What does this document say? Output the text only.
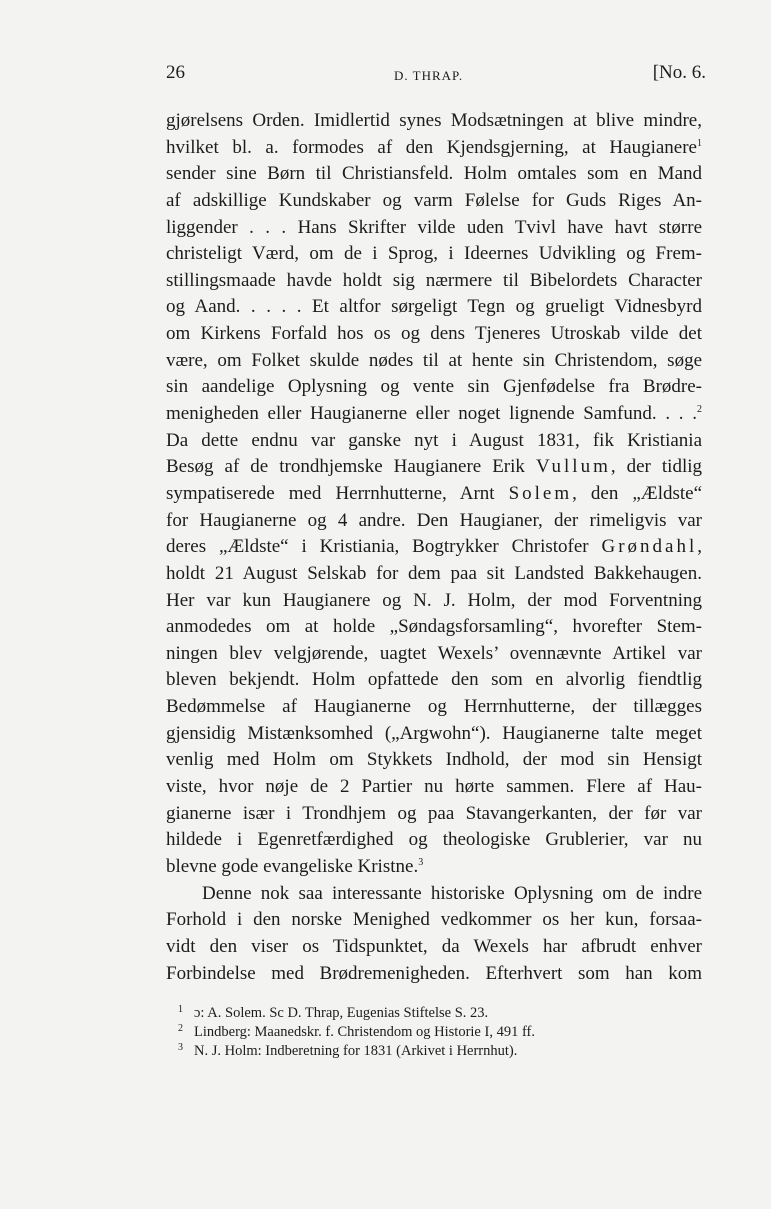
26	D. THRAP.	[No. 6.
gjørelsens Orden. Imidlertid synes Modsætningen at blive mindre,
hvilket bl. a. formodes af den Kjendsgjerning, at Haugianere$^1$
sender sine Børn til Christiansfeld. Holm omtales som en Mand
af adskillige Kundskaber og varm Følelse for Guds Riges An-
liggender . . . Hans Skrifter vilde uden Tvivl have havt større
christeligt Værd, om de i Sprog, i Ideernes Udvikling og Frem-
stillingsmaade havde holdt sig nærmere til Bibelordets Character
og Aand. . . . . Et altfor sørgeligt Tegn og grueligt Vidnesbyrd
om Kirkens Forfald hos os og dens Tjeneres Utroskab vilde det
være, om Folket skulde nødes til at hente sin Christendom, søge
sin aandelige Oplysning og vente sin Gjenfødelse fra Brødre-
menigheden eller Haugianerne eller noget lignende Samfund. . . .$^2$
Da dette endnu var ganske nyt i August 1831, fik Kristiania
Besøg af de trondhjemske Haugianere Erik Vullum, der tidlig
sympatiserede med Herrnhutterne, Arnt Solem, den „Ældste“
for Haugianerne og 4 andre. Den Haugianer, der rimeligvis var
deres „Ældste“ i Kristiania, Bogtrykker Christofer Grøndahl,
holdt 21 August Selskab for dem paa sit Landsted Bakkehaugen.
Her var kun Haugianere og N. J. Holm, der mod Forventning
anmodedes om at holde „Søndagsforsamling“, hvorefter Stem-
ningen blev velgjørende, uagtet Wexels’ ovennævnte Artikel var
bleven bekjendt. Holm opfattede den som en alvorlig fiendtlig
Bedømmelse af Haugianerne og Herrnhutterne, der tillægges
gjensidig Mistænksomhed („Argwohn“). Haugianerne talte meget
venlig med Holm om Stykkets Indhold, der mod sin Hensigt
viste, hvor nøje de 2 Partier nu hørte sammen. Flere af Hau-
gianerne især i Trondhjem og paa Stavangerkanten, der før var
hildede i Egenretfærdighed og theologiske Grublerier, var nu
blevne gode evangeliske Kristne.$^3$
Denne nok saa interessante historiske Oplysning om de indre
Forhold i den norske Menighed vedkommer os her kun, forsaa-
vidt den viser os Tidspunktet, da Wexels har afbrudt enhver
Forbindelse med Brødremenigheden. Efterhvert som han kom
1 ɔ: A. Solem. Sc D. Thrap, Eugenias Stiftelse S. 23.
2 Lindberg: Maanedskr. f. Christendom og Historie I, 491 ff.
3 N. J. Holm: Indberetning for 1831 (Arkivet i Herrnhut).
